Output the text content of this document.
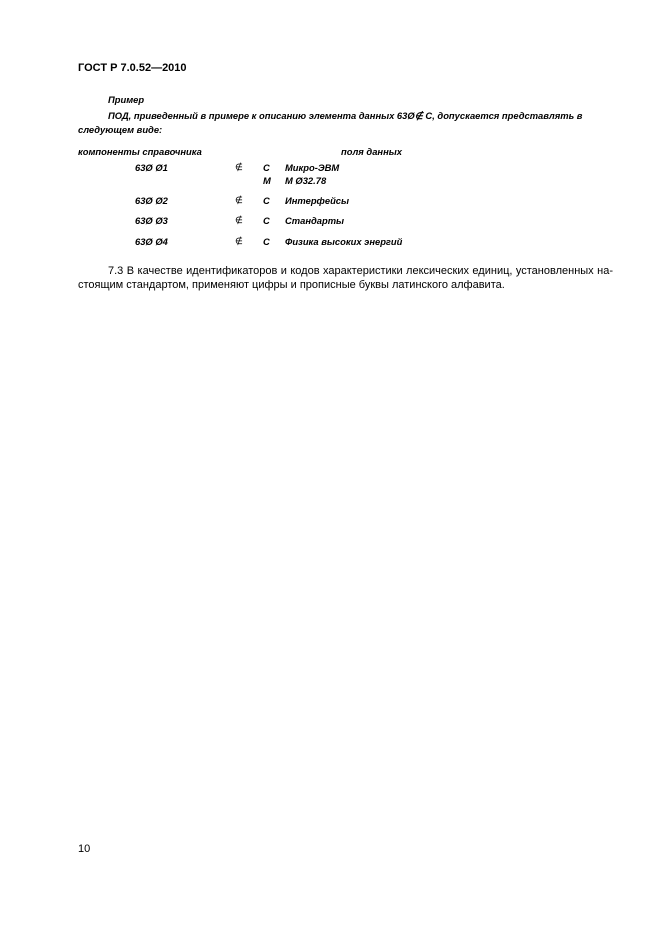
ГОСТ Р 7.0.52—2010
Пример
ПОД, приведенный в примере к описанию элемента данных 63Ø∉ С, допускается представлять в
следующем виде:
компоненты справочника	поля данных
63Ø Ø1	∉ С Микро-ЭВМ
М М Ø32.78
63Ø Ø2	∉ С Интерфейсы
63Ø Ø3	∉ С Стандарты
63Ø Ø4	∉ С Физика высоких энергий
7.3 В качестве идентификаторов и кодов характеристики лексических единиц, установленных на-
стоящим стандартом, применяют цифры и прописные буквы латинского алфавита.
10
